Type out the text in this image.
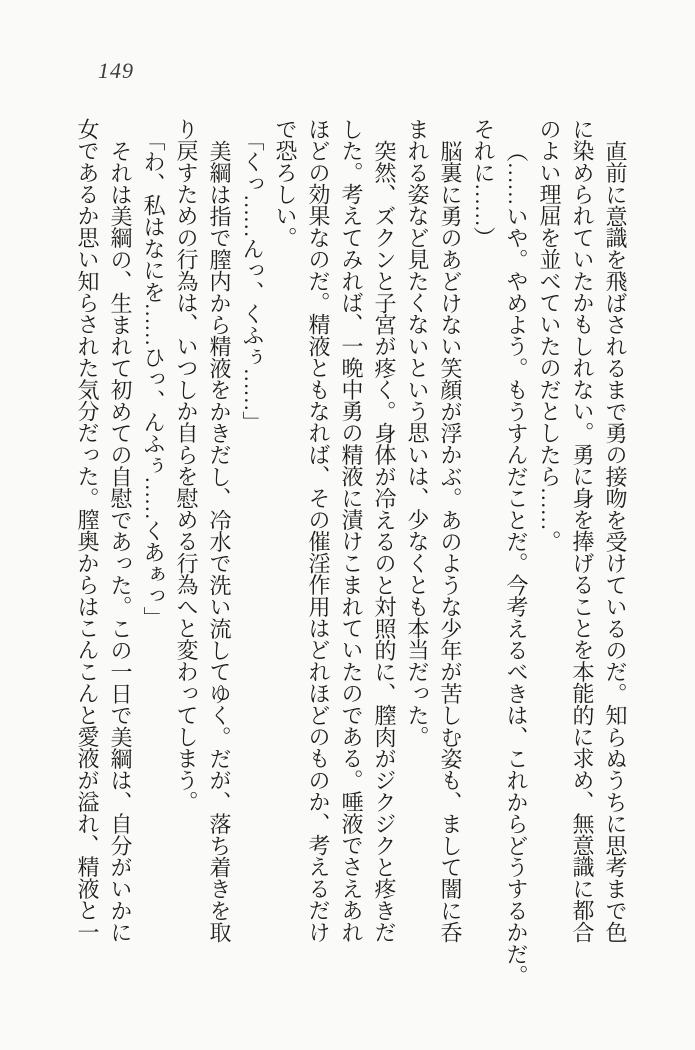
149
直前に意識を飛ばされるまで勇の接吻を受けているのだ。知らぬうちに思考まで色
に染められていたかもしれない。勇に身を捧げることを本能的に求め、無意識に都合
のよい理屈を並べていたのだとしたら……。
（……いや。やめよう。もうすんだことだ。今考えるべきは、これからどうするかだ。
それに……）
脳裏に勇のあどけない笑顔が浮かぶ。あのような少年が苦しむ姿も、まして闇に呑
まれる姿など見たくないという思いは、少なくとも本当だった。
突然、ズクンと子宮が疼く。身体が冷えるのと対照的に、膣肉がジクジクと疼きだ
した。考えてみれば、一晩中勇の精液に漬けこまれていたのである。唾液でさえあれ
ほどの効果なのだ。精液ともなれば、その催淫作用はどれほどのものか、考えるだけ
で恐ろしい。
「くっ……んっ、くふぅ……」
美綱は指で膣内から精液をかきだし、冷水で洗い流してゆく。だが、落ち着きを取
り戻すための行為は、いつしか自らを慰める行為へと変わってしまう。
「わ、私はなにを……ひっ、んふぅ……くあぁっ」
それは美綱の、生まれて初めての自慰であった。この一日で美綱は、自分がいかに
女であるか思い知らされた気分だった。膣奥からはこんこんと愛液が溢れ、精液と一
